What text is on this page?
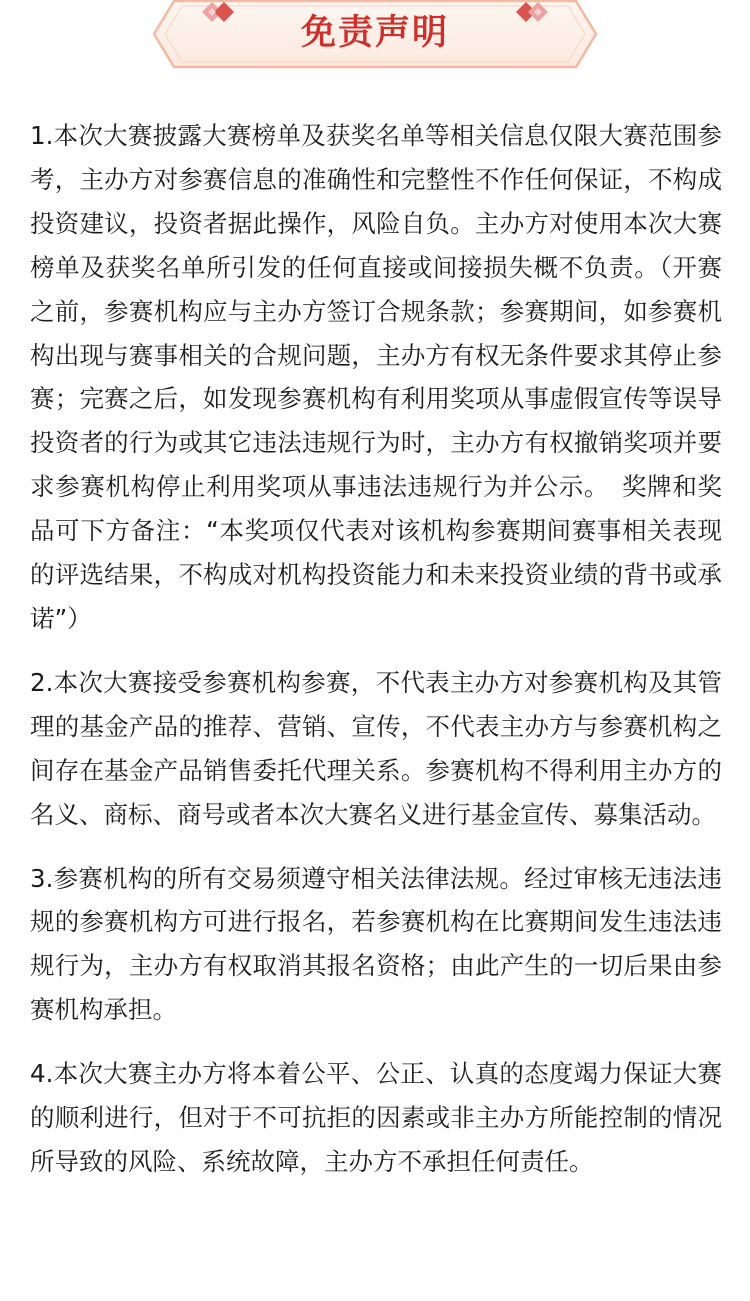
免责声明

1.本次大赛披露大赛榜单及获奖名单等相关信息仅限大赛范围参考，主办方对参赛信息的准确性和完整性不作任何保证，不构成投资建议，投资者据此操作，风险自负。主办方对使用本次大赛榜单及获奖名单所引发的任何直接或间接损失概不负责。（开赛之前，参赛机构应与主办方签订合规条款；参赛期间，如参赛机构出现与赛事相关的合规问题，主办方有权无条件要求其停止参赛；完赛之后，如发现参赛机构有利用奖项从事虚假宣传等误导投资者的行为或其它违法违规行为时，主办方有权撤销奖项并要求参赛机构停止利用奖项从事违法违规行为并公示。　奖牌和奖品可下方备注：“本奖项仅代表对该机构参赛期间赛事相关表现的评选结果，不构成对机构投资能力和未来投资业绩的背书或承诺”）

2.本次大赛接受参赛机构参赛，不代表主办方对参赛机构及其管理的基金产品的推荐、营销、宣传，不代表主办方与参赛机构之间存在基金产品销售委托代理关系。参赛机构不得利用主办方的名义、商标、商号或者本次大赛名义进行基金宣传、募集活动。

3.参赛机构的所有交易须遵守相关法律法规。经过审核无违法违规的参赛机构方可进行报名，若参赛机构在比赛期间发生违法违规行为，主办方有权取消其报名资格；由此产生的一切后果由参赛机构承担。

4.本次大赛主办方将本着公平、公正、认真的态度竭力保证大赛的顺利进行，但对于不可抗拒的因素或非主办方所能控制的情况所导致的风险、系统故障，主办方不承担任何责任。
